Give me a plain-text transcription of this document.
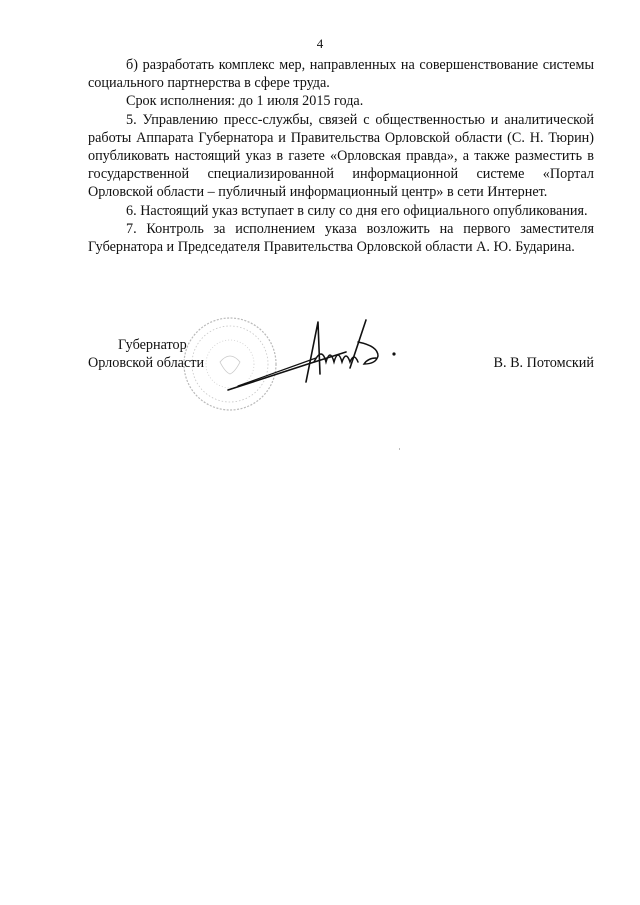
4

б) разработать комплекс мер, направленных на совершенствование системы социального партнерства в сфере труда.

Срок исполнения: до 1 июля 2015 года.

5. Управлению пресс-службы, связей с общественностью и аналитической работы Аппарата Губернатора и Правительства Орловской области (С. Н. Тюрин) опубликовать настоящий указ в газете «Орловская правда», а также разместить в государственной специализированной информационной системе «Портал Орловской области – публичный информационный центр» в сети Интернет.

6. Настоящий указ вступает в силу со дня его официального опубликования.

7. Контроль за исполнением указа возложить на первого заместителя Губернатора и Председателя Правительства Орловской области А. Ю. Бударина.

Губернатор
Орловской области	В. В. Потомский
